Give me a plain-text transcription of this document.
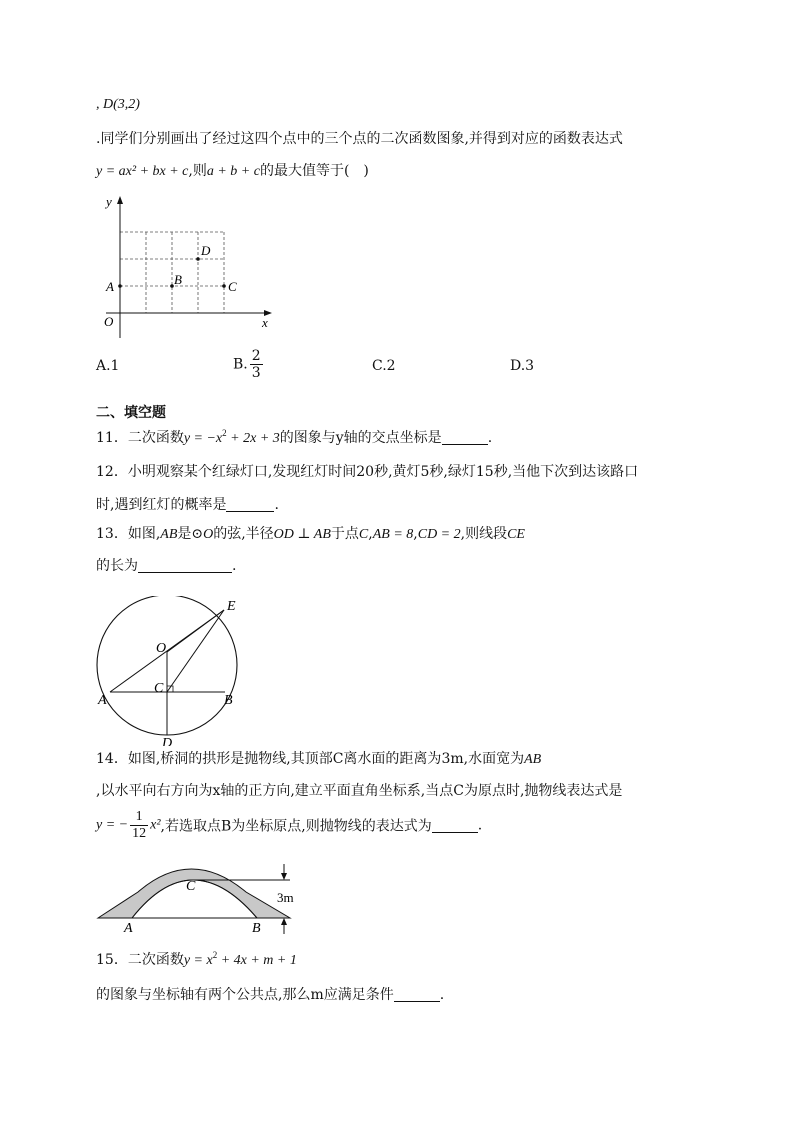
, D(3,2)
.同学们分别画出了经过这四个点中的三个点的二次函数图象,并得到对应的函数表达式
y = ax² + bx + c,则a + b + c的最大值等于(　)
y
x
O
A	B	C
D
A.1	B. $\frac{2}{3}$	C.2	D.3
二、填空题
11．二次函数$y = -x^2 + 2x + 3$的图象与y轴的交点坐标是	.
12．小明观察某个红绿灯口,发现红灯时间20秒,黄灯5秒,绿灯15秒,当他下次到达该路口
时,遇到红灯的概率是	.
13．如图,AB是⊙O的弦,半径OD ⊥ AB于点C,AB = 8,CD = 2,则线段CE
的长为	.
O
C
A	B
D
E
14．如图,桥洞的拱形是抛物线,其顶部C离水面的距离为3m,水面宽为AB
,以水平向右方向为x轴的正方向,建立平面直角坐标系,当点C为原点时,抛物线表达式是
y = − $\frac{1}{12} x^2$,若选取点B为坐标原点,则抛物线的表达式为	.
3m
C
A	B
15．二次函数$y = x^2 + 4x + m + 1$
的图象与坐标轴有两个公共点,那么m应满足条件	.
